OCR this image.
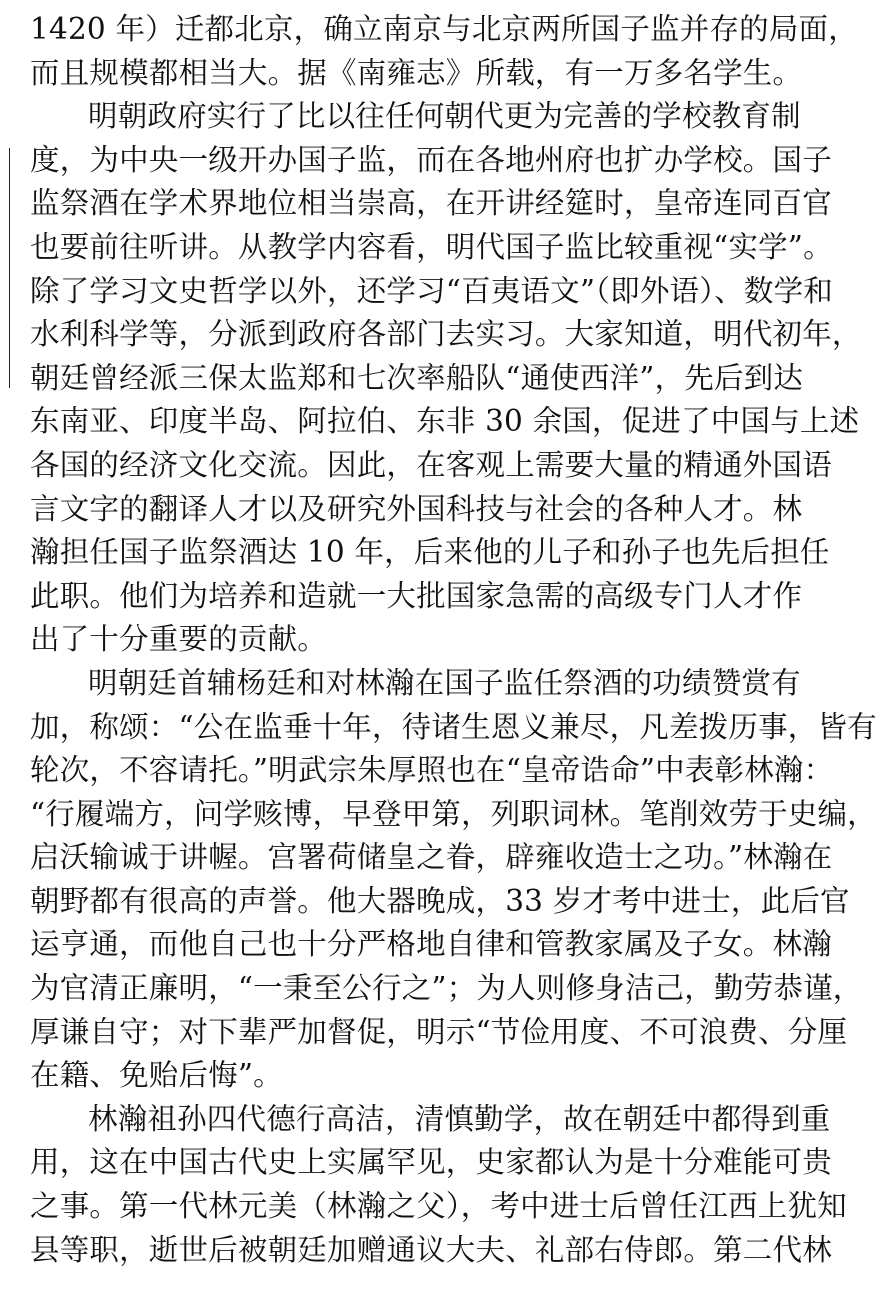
1420 年）迁都北京，确立南京与北京两所国子监并存的局面，
而且规模都相当大。据《南雍志》所载，有一万多名学生。
明朝政府实行了比以往任何朝代更为完善的学校教育制
度，为中央一级开办国子监，而在各地州府也扩办学校。国子
监祭酒在学术界地位相当崇高，在开讲经筵时，皇帝连同百官
也要前往听讲。从教学内容看，明代国子监比较重视“实学”。
除了学习文史哲学以外，还学习“百夷语文”（即外语）、数学和
水利科学等，分派到政府各部门去实习。大家知道，明代初年，
朝廷曾经派三保太监郑和七次率船队“通使西洋”，先后到达
东南亚、印度半岛、阿拉伯、东非 30 余国，促进了中国与上述
各国的经济文化交流。因此，在客观上需要大量的精通外国语
言文字的翻译人才以及研究外国科技与社会的各种人才。林
瀚担任国子监祭酒达 10 年，后来他的儿子和孙子也先后担任
此职。他们为培养和造就一大批国家急需的高级专门人才作
出了十分重要的贡献。
明朝廷首辅杨廷和对林瀚在国子监任祭酒的功绩赞赏有
加，称颂：“公在监垂十年，待诸生恩义兼尽，凡差拨历事，皆有
轮次，不容请托。”明武宗朱厚照也在“皇帝诰命”中表彰林瀚：
“行履端方，问学赅博，早登甲第，列职词林。笔削效劳于史编，
启沃输诚于讲幄。宫署荷储皇之眷，辟雍收造士之功。”林瀚在
朝野都有很高的声誉。他大器晚成，33 岁才考中进士，此后官
运亨通，而他自己也十分严格地自律和管教家属及子女。林瀚
为官清正廉明，“一秉至公行之”；为人则修身洁己，勤劳恭谨，
厚谦自守；对下辈严加督促，明示“节俭用度、不可浪费、分厘
在籍、免贻后悔”。
林瀚祖孙四代德行高洁，清慎勤学，故在朝廷中都得到重
用，这在中国古代史上实属罕见，史家都认为是十分难能可贵
之事。第一代林元美（林瀚之父），考中进士后曾任江西上犹知
县等职，逝世后被朝廷加赠通议大夫、礼部右侍郎。第二代林
